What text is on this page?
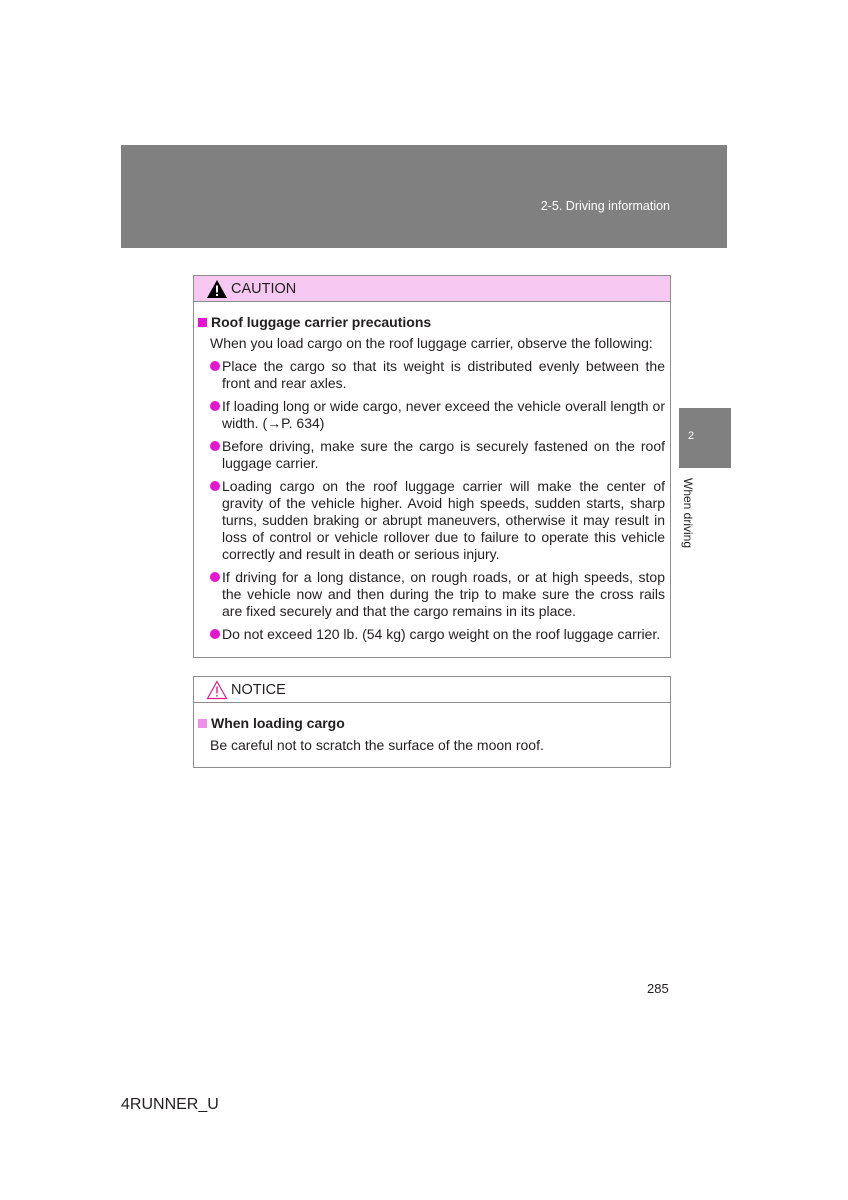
2-5. Driving information
2
When driving
CAUTION
Roof luggage carrier precautions
When you load cargo on the roof luggage carrier, observe the following:
Place the cargo so that its weight is distributed evenly between the front and rear axles.
If loading long or wide cargo, never exceed the vehicle overall length or width. (→P. 634)
Before driving, make sure the cargo is securely fastened on the roof luggage carrier.
Loading cargo on the roof luggage carrier will make the center of gravity of the vehicle higher. Avoid high speeds, sudden starts, sharp turns, sudden braking or abrupt maneuvers, otherwise it may result in loss of control or vehicle rollover due to failure to operate this vehicle correctly and result in death or serious injury.
If driving for a long distance, on rough roads, or at high speeds, stop the vehicle now and then during the trip to make sure the cross rails are fixed securely and that the cargo remains in its place.
Do not exceed 120 lb. (54 kg) cargo weight on the roof luggage carrier.
NOTICE
When loading cargo
Be careful not to scratch the surface of the moon roof.
285
4RUNNER_U
